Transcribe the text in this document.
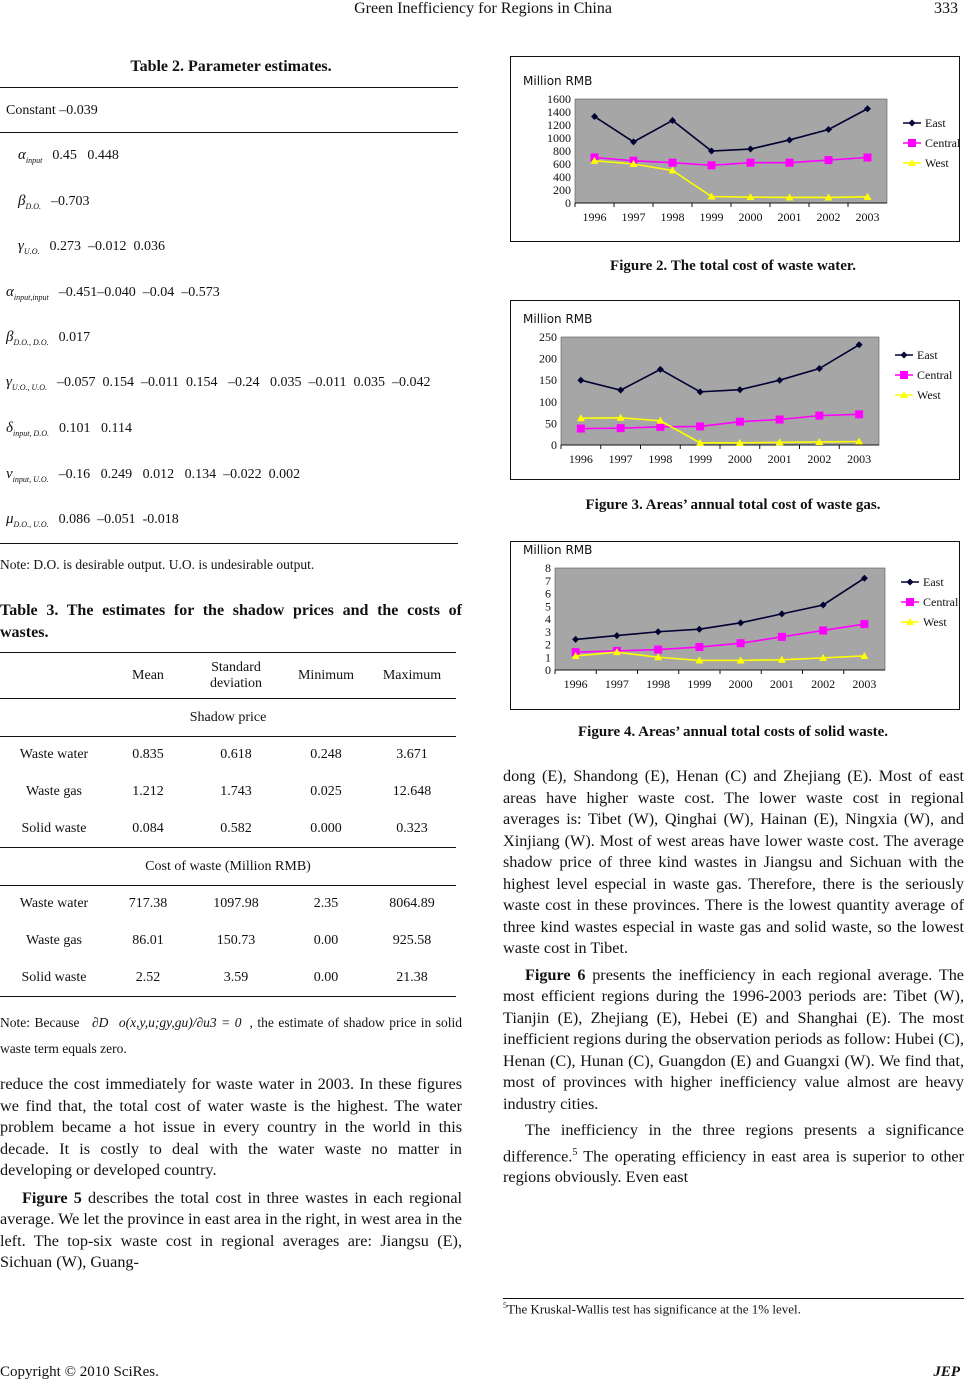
Green Inefficiency for Regions in China	333
Table 2. Parameter estimates.
Constant –0.039
$\alpha_{input}$ 0.45   0.448
$\beta_{D.O.}$ –0.703
$\gamma_{U.O.}$ 0.273  –0.012  0.036
$\alpha_{input,input}$ –0.451–0.040  –0.04  –0.573
$\beta_{D.O., D.O.}$ 0.017
$\gamma_{U.O., U.O.}$ –0.057  0.154  –0.011  0.154   –0.24   0.035  –0.011  0.035  –0.042
$\delta_{input, D.O.}$ 0.101   0.114
$\nu_{input, U.O.}$ –0.16   0.249   0.012   0.134  –0.022  0.002
$\mu_{D.O., U.O.}$ 0.086  –0.051  -0.018
Note: D.O. is desirable output. U.O. is undesirable output.
Table 3. The estimates for the shadow prices and the costs of wastes.
	Mean	Standard deviation	Minimum	Maximum
Shadow price				
Waste water	0.835	0.618	0.248	3.671
Waste gas	1.212	1.743	0.025	12.648
Solid waste	0.084	0.582	0.000	0.323
Cost of waste (Million RMB)				
Waste water	717.38	1097.98	2.35	8064.89
Waste gas	86.01	150.73	0.00	925.58
Solid waste	2.52	3.59	0.00	21.38
Note: Because ∂D⃗o(x,y,u;gy,gu)/∂u3 = 0 , the estimate of shadow price in solid waste term equals zero.
reduce the cost immediately for waste water in 2003. In these figures we find that, the total cost of water waste is the highest. The water problem became a hot issue in every country in the world in this decade. It is costly to deal with the water waste no matter in developing or developed country.
Figure 5 describes the total cost in three wastes in each regional average. We let the province in east area in the right, in west area in the left. The top-six waste cost in regional averages are: Jiangsu (E), Sichuan (W), Guang-
Million RMB
0
200
400
600
800
1000
1200
1400
1600
1996 1997 1998 1999 2000 2001 2002 2003
East
Central
West
Figure 2. The total cost of waste water.
Million RMB
0
50
100
150
200
250
1996 1997 1998 1999 2000 2001 2002 2003
East
Central
West
Figure 3. Areas’ annual total cost of waste gas.
Million RMB
0
1
2
3
4
5
6
7
8
1996 1997 1998 1999 2000 2001 2002 2003
East
Central
West
Figure 4. Areas’ annual total costs of solid waste.
dong (E), Shandong (E), Henan (C) and Zhejiang (E). Most of east areas have higher waste cost. The lower waste cost in regional averages is: Tibet (W), Qinghai (W), Hainan (E), Ningxia (W), and Xinjiang (W). Most of west areas have lower waste cost. The average shadow price of three kind wastes in Jiangsu and Sichuan with the highest level especial in waste gas. Therefore, there is the seriously waste cost in these provinces. There is the lowest quantity average of three kind wastes especial in waste gas and solid waste, so the lowest waste cost in Tibet.
Figure 6 presents the inefficiency in each regional average. The most efficient regions during the 1996-2003 periods are: Tibet (W), Tianjin (E), Zhejiang (E), Hebei (E) and Shanghai (E). The most inefficient regions during the observation periods as follow: Hubei (C), Henan (C), Hunan (C), Guangdon (E) and Guangxi (W). We find that, most of provinces with higher inefficiency value almost are heavy industry cities.
The inefficiency in the three regions presents a significance difference.$^5$ The operating efficiency in east area is superior to other regions obviously. Even east
$^5$The Kruskal-Wallis test has significance at the 1% level.
Copyright © 2010 SciRes.	JEP
